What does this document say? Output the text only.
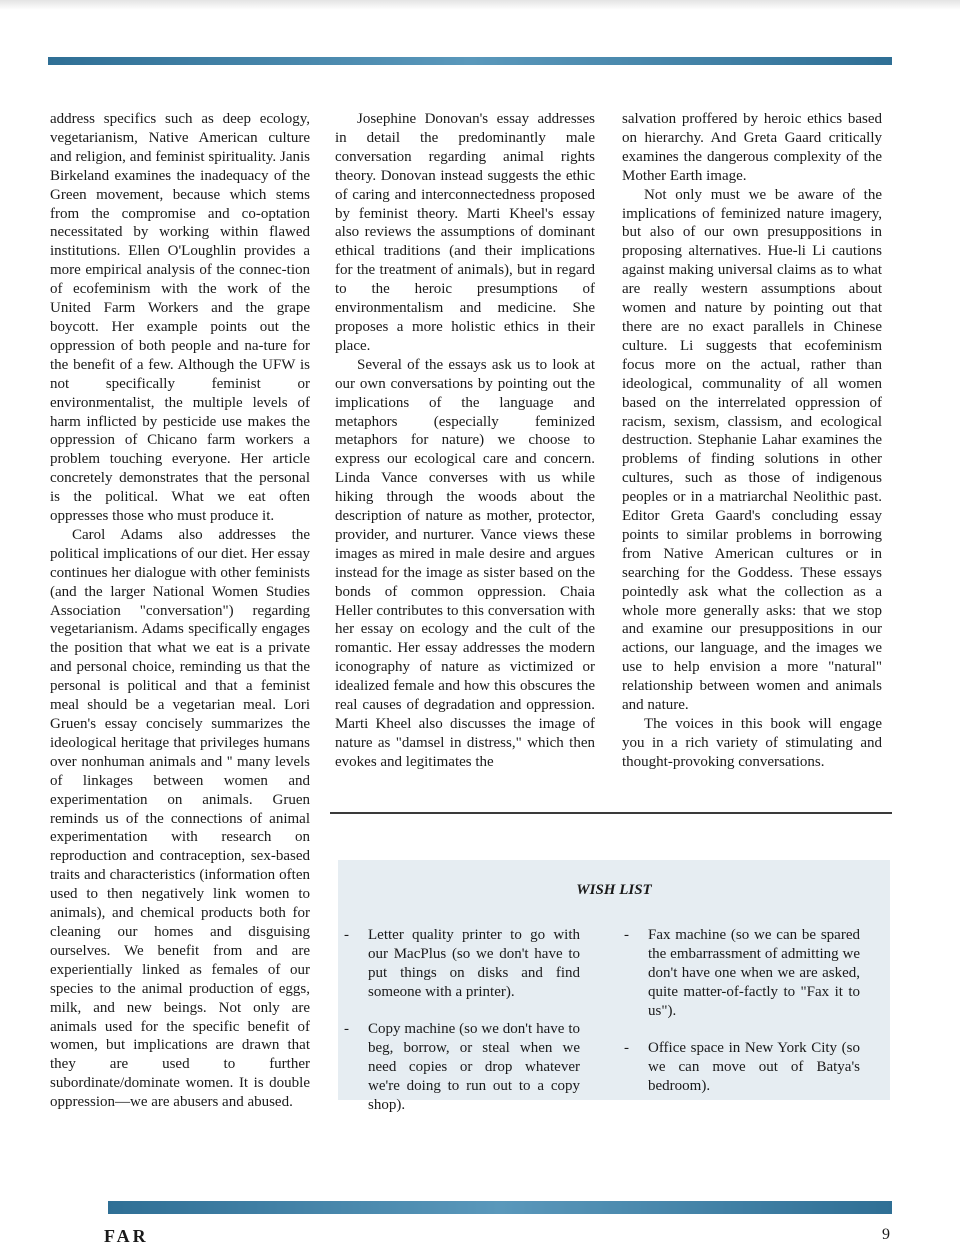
address specifics such as deep ecology, vegetarianism, Native American culture and religion, and feminist spirituality. Janis Birkeland examines the inadequacy of the Green movement, because which stems from the compromise and co-optation necessitated by working within flawed institutions. Ellen O'Loughlin provides a more empirical analysis of the connec-tion of ecofeminism with the work of the United Farm Workers and the grape boycott. Her example points out the oppression of both people and na-ture for the benefit of a few. Although the UFW is not specifically feminist or environmentalist, the multiple levels of harm inflicted by pesticide use makes the oppression of Chicano farm workers a problem touching everyone. Her article concretely demonstrates that the personal is the political. What we eat often oppresses those who must produce it.

Carol Adams also addresses the political implications of our diet. Her essay continues her dialogue with other feminists (and the larger National Women Studies Association "conversation") regarding vegetarianism. Adams specifically engages the position that what we eat is a private and personal choice, reminding us that the personal is political and that a feminist meal should be a vegetarian meal. Lori Gruen's essay concisely summarizes the ideological heritage that privileges humans over nonhuman animals and '' many levels of linkages between women and experimentation on animals. Gruen reminds us of the connections of animal experimentation with research on reproduction and contraception, sex-based traits and characteristics (information often used to then negatively link women to animals), and chemical products both for cleaning our homes and disguising ourselves. We benefit from and are experientially linked as females of our species to the animal production of eggs, milk, and new beings. Not only are animals used for the specific benefit of women, but implications are drawn that they are used to further subordinate/dominate women. It is double oppression—we are abusers and abused.

Josephine Donovan's essay addresses in detail the predominantly male conversation regarding animal rights theory. Donovan instead suggests the ethic of caring and interconnectedness proposed by feminist theory. Marti Kheel's essay also reviews the assumptions of dominant ethical traditions (and their implications for the treatment of animals), but in regard to the heroic presumptions of environmentalism and medicine. She proposes a more holistic ethics in their place.

Several of the essays ask us to look at our own conversations by pointing out the implications of the language and metaphors (especially feminized metaphors for nature) we choose to express our ecological care and concern. Linda Vance converses with us while hiking through the woods about the description of nature as mother, protector, provider, and nurturer. Vance views these images as mired in male desire and argues instead for the image as sister based on the bonds of common oppression. Chaia Heller contributes to this conversation with her essay on ecology and the cult of the romantic. Her essay addresses the modern iconography of nature as victimized or idealized female and how this obscures the real causes of degradation and oppression. Marti Kheel also discusses the image of nature as "damsel in distress," which then evokes and legitimates the

salvation proffered by heroic ethics based on hierarchy. And Greta Gaard critically examines the dangerous complexity of the Mother Earth image.

Not only must we be aware of the implications of feminized nature imagery, but also of our own presuppositions in proposing alternatives. Hue-li Li cautions against making universal claims as to what are really western assumptions about women and nature by pointing out that there are no exact parallels in Chinese culture. Li suggests that ecofeminism focus more on the actual, rather than ideological, communality of all women based on the interrelated oppression of racism, sexism, classism, and ecological destruction. Stephanie Lahar examines the problems of finding solutions in other cultures, such as those of indigenous peoples or in a matriarchal Neolithic past. Editor Greta Gaard's concluding essay points to similar problems in borrowing from Native American cultures or in searching for the Goddess. These essays pointedly ask what the collection as a whole more generally asks: that we stop and examine our presuppositions in our actions, our language, and the images we use to help envision a more "natural" relationship between women and animals and nature.

The voices in this book will engage you in a rich variety of stimulating and thought-provoking conversations.

WISH LIST
-	Letter quality printer to go with our MacPlus (so we don't have to put things on disks and find someone with a printer).
-	Copy machine (so we don't have to beg, borrow, or steal when we need copies or drop whatever we're doing to run out to a copy shop).
-	Fax machine (so we can be spared the embarrassment of admitting we don't have one when we are asked, quite matter-of-factly to "Fax it to us").
-	Office space in New York City (so we can move out of Batya's bedroom).
FAR	9
